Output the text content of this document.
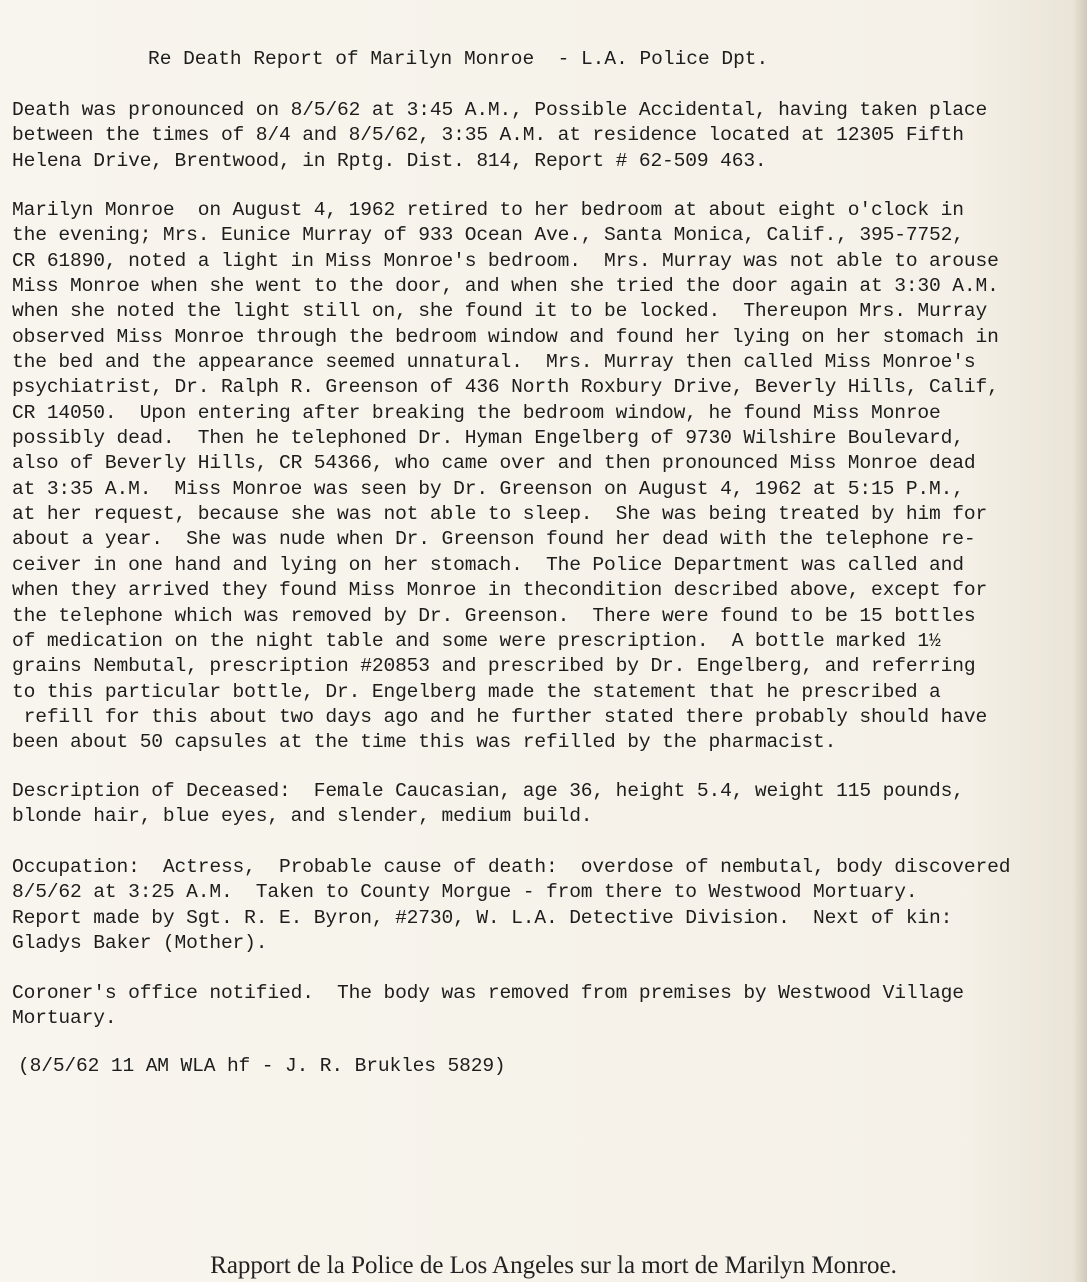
Re Death Report of Marilyn Monroe  - L.A. Police Dpt.

Death was pronounced on 8/5/62 at 3:45 A.M., Possible Accidental, having taken place
between the times of 8/4 and 8/5/62, 3:35 A.M. at residence located at 12305 Fifth
Helena Drive, Brentwood, in Rptg. Dist. 814, Report # 62-509 463.

Marilyn Monroe  on August 4, 1962 retired to her bedroom at about eight o'clock in
the evening; Mrs. Eunice Murray of 933 Ocean Ave., Santa Monica, Calif., 395-7752,
CR 61890, noted a light in Miss Monroe's bedroom.  Mrs. Murray was not able to arouse
Miss Monroe when she went to the door, and when she tried the door again at 3:30 A.M.
when she noted the light still on, she found it to be locked.  Thereupon Mrs. Murray
observed Miss Monroe through the bedroom window and found her lying on her stomach in
the bed and the appearance seemed unnatural.  Mrs. Murray then called Miss Monroe's
psychiatrist, Dr. Ralph R. Greenson of 436 North Roxbury Drive, Beverly Hills, Calif,
CR 14050.  Upon entering after breaking the bedroom window, he found Miss Monroe
possibly dead.  Then he telephoned Dr. Hyman Engelberg of 9730 Wilshire Boulevard,
also of Beverly Hills, CR 54366, who came over and then pronounced Miss Monroe dead
at 3:35 A.M.  Miss Monroe was seen by Dr. Greenson on August 4, 1962 at 5:15 P.M.,
at her request, because she was not able to sleep.  She was being treated by him for
about a year.  She was nude when Dr. Greenson found her dead with the telephone re-
ceiver in one hand and lying on her stomach.  The Police Department was called and
when they arrived they found Miss Monroe in thecondition described above, except for
the telephone which was removed by Dr. Greenson.  There were found to be 15 bottles
of medication on the night table and some were prescription.  A bottle marked 1½
grains Nembutal, prescription #20853 and prescribed by Dr. Engelberg, and referring
to this particular bottle, Dr. Engelberg made the statement that he prescribed a
refill for this about two days ago and he further stated there probably should have
been about 50 capsules at the time this was refilled by the pharmacist.

Description of Deceased:  Female Caucasian, age 36, height 5.4, weight 115 pounds,
blonde hair, blue eyes, and slender, medium build.

Occupation:  Actress,  Probable cause of death:  overdose of nembutal, body discovered
8/5/62 at 3:25 A.M.  Taken to County Morgue - from there to Westwood Mortuary.
Report made by Sgt. R. E. Byron, #2730, W. L.A. Detective Division.  Next of kin:
Gladys Baker (Mother).

Coroner's office notified.  The body was removed from premises by Westwood Village
Mortuary.

(8/5/62 11 AM WLA hf - J. R. Brukles 5829)

Rapport de la Police de Los Angeles sur la mort de Marilyn Monroe.
